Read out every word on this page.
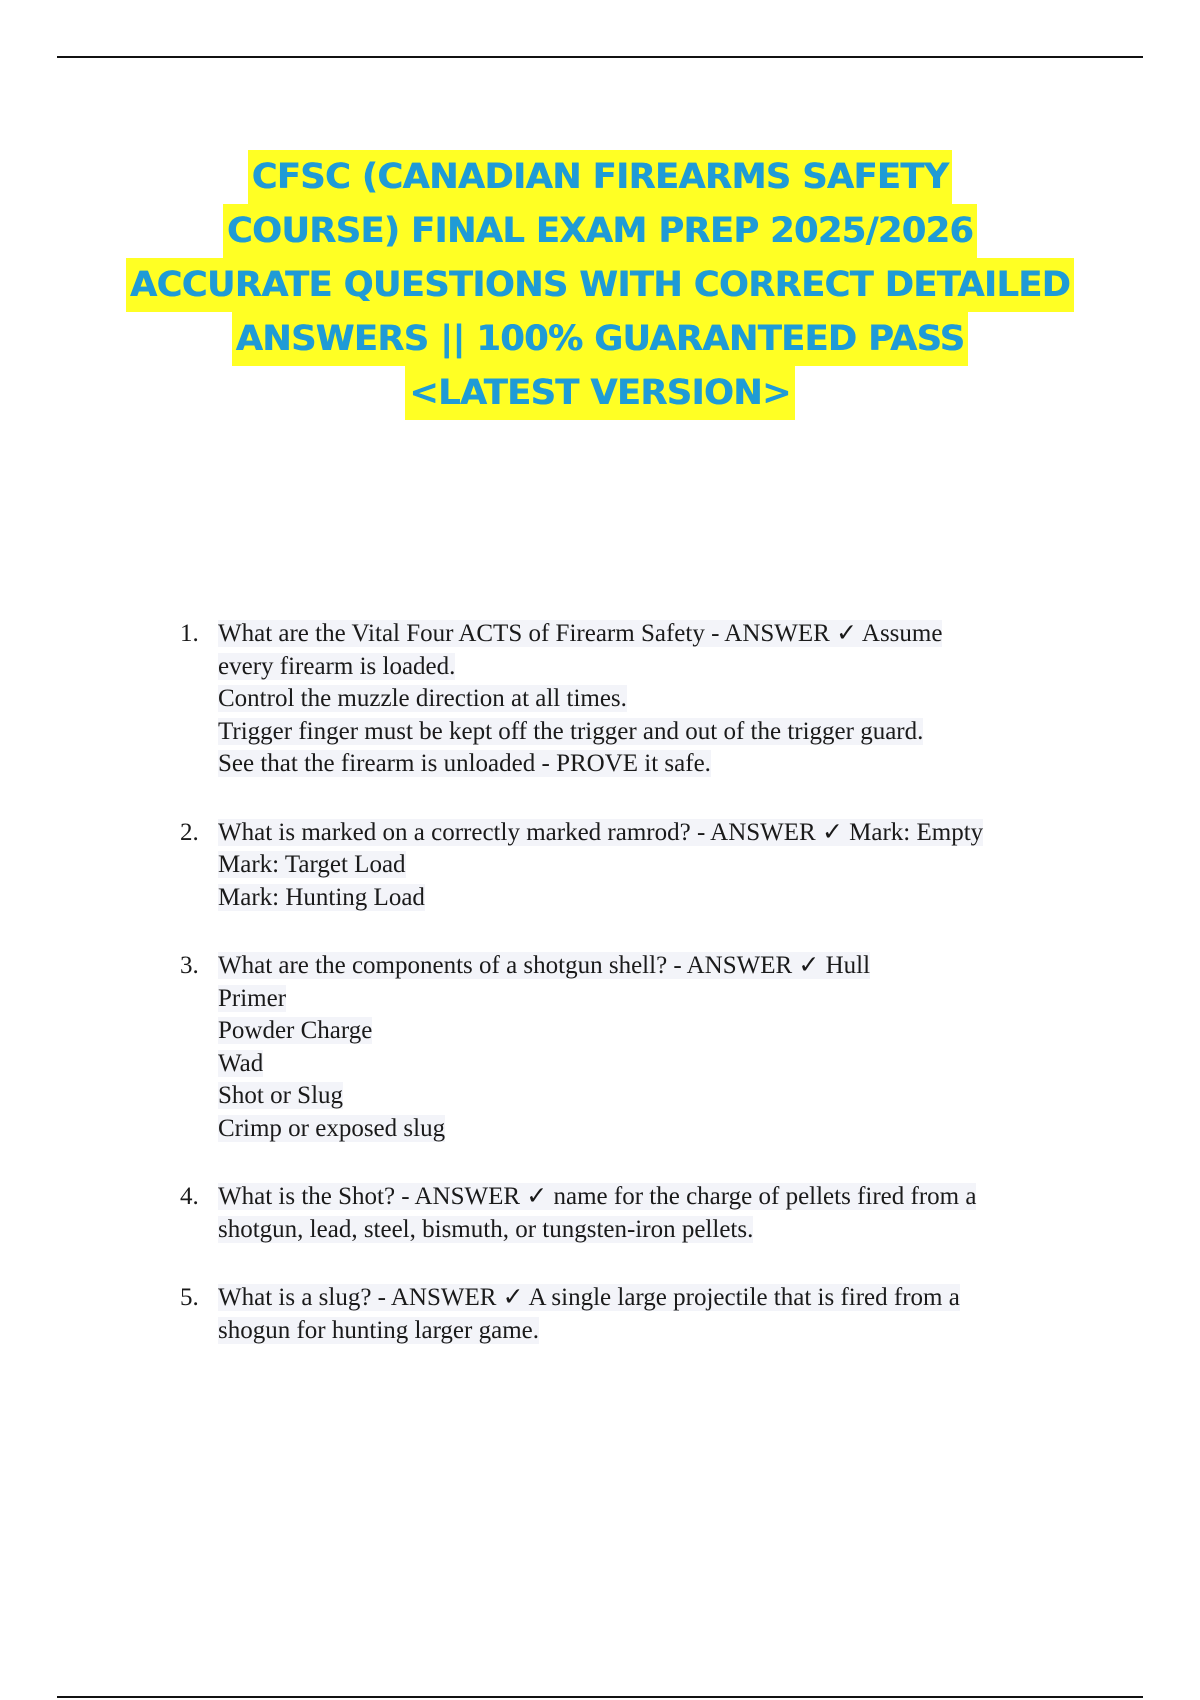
CFSC (CANADIAN FIREARMS SAFETY
COURSE) FINAL EXAM PREP 2025/2026
ACCURATE QUESTIONS WITH CORRECT DETAILED
ANSWERS || 100% GUARANTEED PASS
<LATEST VERSION>
1. What are the Vital Four ACTS of Firearm Safety - ANSWER ✓ Assume
every firearm is loaded.
Control the muzzle direction at all times.
Trigger finger must be kept off the trigger and out of the trigger guard.
See that the firearm is unloaded - PROVE it safe.
2. What is marked on a correctly marked ramrod? - ANSWER ✓ Mark: Empty
Mark: Target Load
Mark: Hunting Load
3. What are the components of a shotgun shell? - ANSWER ✓ Hull
Primer
Powder Charge
Wad
Shot or Slug
Crimp or exposed slug
4. What is the Shot? - ANSWER ✓ name for the charge of pellets fired from a
shotgun, lead, steel, bismuth, or tungsten-iron pellets.
5. What is a slug? - ANSWER ✓ A single large projectile that is fired from a
shogun for hunting larger game.
